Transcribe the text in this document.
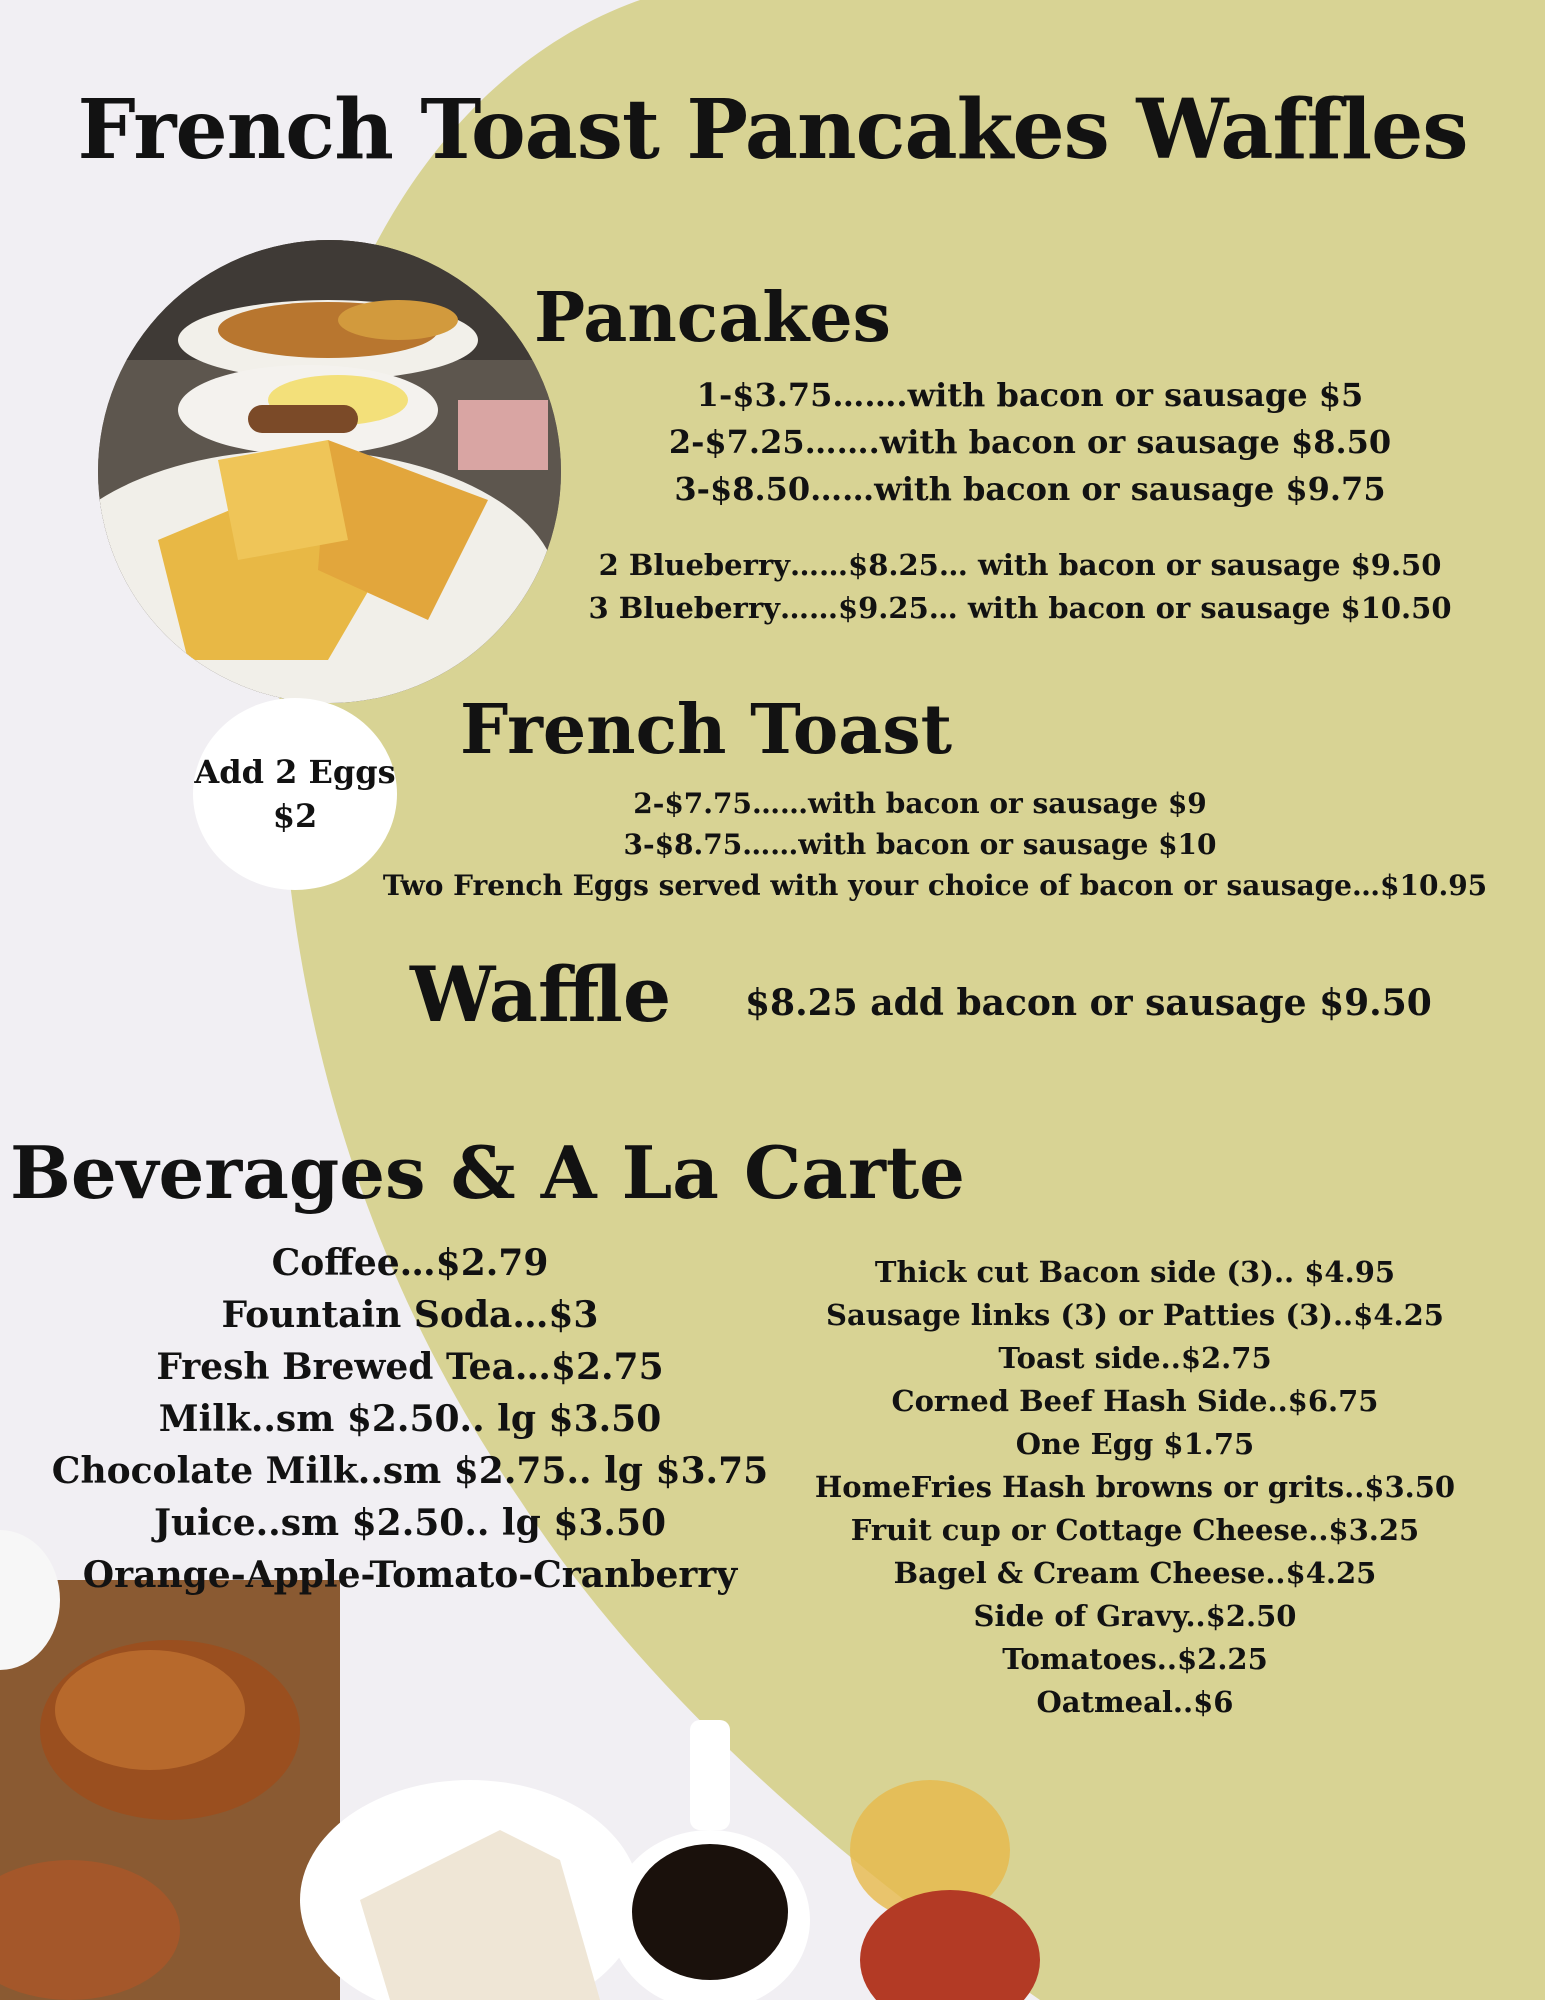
French Toast Pancakes Waffles
Add 2 Eggs
$2
Pancakes
1-$3.75…….with bacon or sausage $5
2-$7.25…….with bacon or sausage $8.50
3-$8.50……with bacon or sausage $9.75
2 Blueberry……$8.25… with bacon or sausage $9.50
3 Blueberry……$9.25… with bacon or sausage $10.50
French Toast
2-$7.75……with bacon or sausage $9
3-$8.75……with bacon or sausage $10
Two French Eggs served with your choice of bacon or sausage…$10.95
Waffle $8.25 add bacon or sausage $9.50
Beverages & A La Carte
Coffee…$2.79
Fountain Soda…$3
Fresh Brewed Tea…$2.75
Milk..sm $2.50.. lg $3.50
Chocolate Milk..sm $2.75.. lg $3.75
Juice..sm $2.50.. lg $3.50
Orange-Apple-Tomato-Cranberry
Thick cut Bacon side (3).. $4.95
Sausage links (3) or Patties (3)..$4.25
Toast side..$2.75
Corned Beef Hash Side..$6.75
One Egg $1.75
HomeFries Hash browns or grits..$3.50
Fruit cup or Cottage Cheese..$3.25
Bagel & Cream Cheese..$4.25
Side of Gravy..$2.50
Tomatoes..$2.25
Oatmeal..$6
